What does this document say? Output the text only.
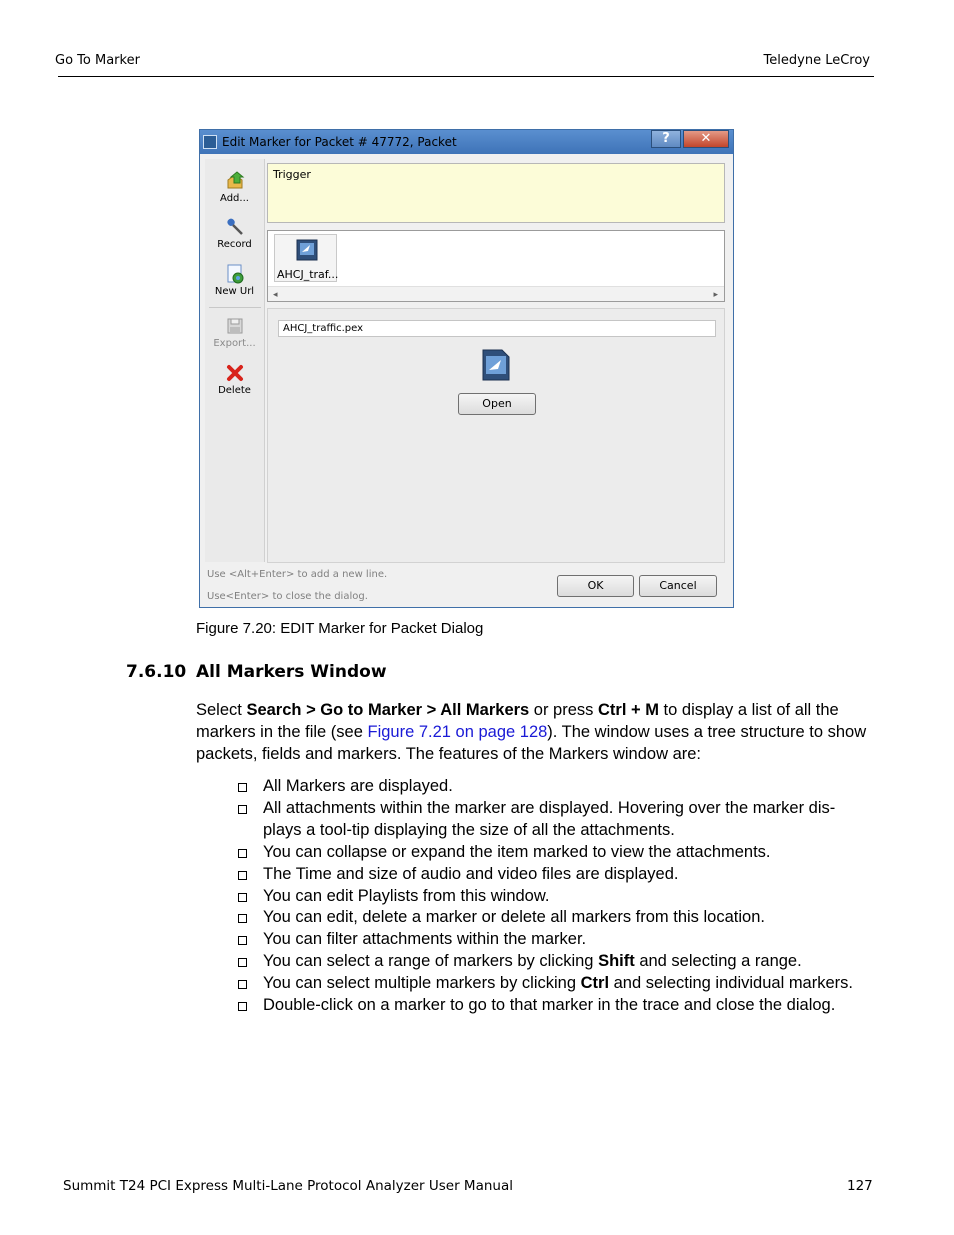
Go To Marker	Teledyne LeCroy
Edit Marker for Packet # 47772, Packet	?	✕
Add...
Record
New Url
Export...
Delete
Trigger
AHCJ_traf...
◂	▸
AHCJ_traffic.pex
Open
Use <Alt+Enter> to add a new line.
Use<Enter> to close the dialog.
OK	Cancel
Figure 7.20: EDIT Marker for Packet Dialog
7.6.10 All Markers Window
Select Search > Go to Marker > All Markers or press Ctrl + M to display a list of all the markers in the file (see Figure 7.21 on page 128). The window uses a tree structure to show packets, fields and markers. The features of the Markers window are:
All Markers are displayed.
All attachments within the marker are displayed. Hovering over the marker dis-
plays a tool-tip displaying the size of all the attachments.
You can collapse or expand the item marked to view the attachments.
The Time and size of audio and video files are displayed.
You can edit Playlists from this window.
You can edit, delete a marker or delete all markers from this location.
You can filter attachments within the marker.
You can select a range of markers by clicking Shift and selecting a range.
You can select multiple markers by clicking Ctrl and selecting individual markers.
Double-click on a marker to go to that marker in the trace and close the dialog.
Summit T24 PCI Express Multi-Lane Protocol Analyzer User Manual	127
